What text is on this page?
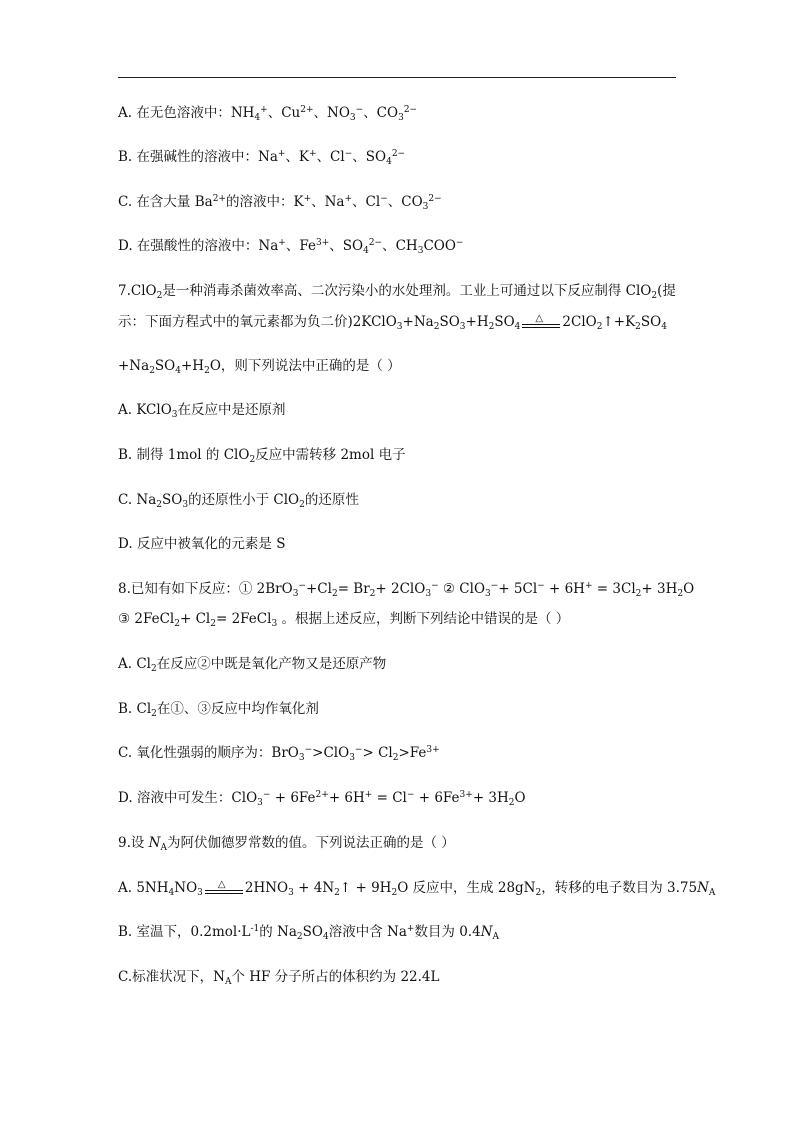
A. 在无色溶液中：$NH_4^+$、$Cu^{2+}$、$NO_3^-$、$CO_3^{2-}$
B. 在强碱性的溶液中：Na+、K+、Cl−、$SO_4^{2-}$
C. 在含大量 $Ba^{2+}$的溶液中：K+、Na+、Cl−、$CO_3^{2-}$
D. 在强酸性的溶液中：Na+、$Fe^{3+}$、$SO_4^{2-}$、$CH_3COO^-$
7.ClO$_2$是一种消毒杀菌效率高、二次污染小的水处理剂。工业上可通过以下反应制得 ClO$_2$(提
示：下面方程式中的氧元素都为负二价)$2KClO_3+Na_2SO_3+H_2SO_4$
△ $2ClO_2↑+K_2SO_4$
$+Na_2SO_4+H_2O$，则下列说法中正确的是（ ）
A. KClO$_3$在反应中是还原剂
B. 制得 1mol 的 ClO$_2$反应中需转移 2mol 电子
C. $Na_2SO_3$的还原性小于 ClO$_2$的还原性
D. 反应中被氧化的元素是 S
8.已知有如下反应：① $2BrO_3^-+Cl_2= Br_2+ 2ClO_3^-$ ② $ClO_3^-+ 5Cl^- + 6H^+ = 3Cl_2+ 3H_2O$
③ 2FeCl$_2$+ $Cl_2=$ 2FeCl$_3$ 。根据上述反应，判断下列结论中错误的是（ ）
A. $Cl_2$在反应②中既是氧化产物又是还原产物
B. $Cl_2$在①、③反应中均作氧化剂
C. 氧化性强弱的顺序为：$BrO_3^->ClO_3^-> Cl_2>Fe^{3+}$
D. 溶液中可发生：$ClO_3^- + 6Fe^{2+}+ 6H^+ = Cl^- + 6Fe^{3+}+ 3H_2O$
9.设 $N_A$为阿伏伽德罗常数的值。下列说法正确的是（ ）
A. $5NH_4NO_3$
△ $2HNO_3$ + $4N_2↑ + 9H_2O$ 反应中，生成 $28gN_2$，转移的电子数目为 $3.75N_A$
B. 室温下，$0.2mol\cdot L^{-1}$的 $Na_2SO_4$溶液中含 Na+数目为 $0.4N_A$
C.标准状况下，$N_A$个 HF 分子所占的体积约为 22.4L
